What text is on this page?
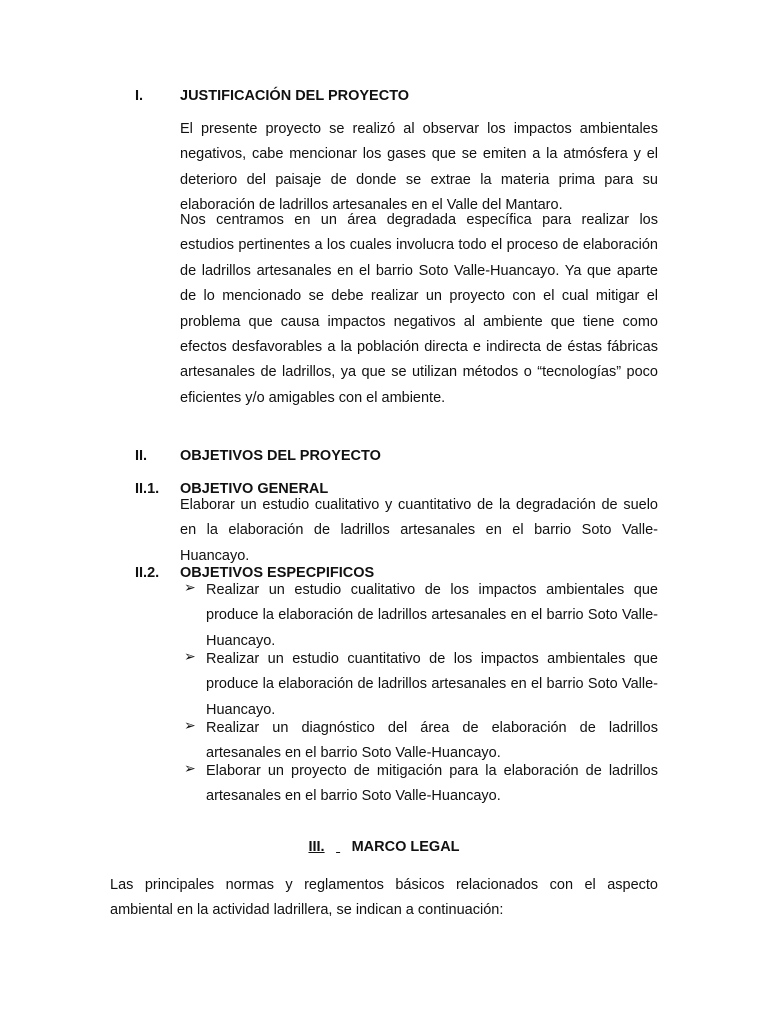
I.	JUSTIFICACIÓN DEL PROYECTO
El presente proyecto se realizó al observar los impactos ambientales negativos, cabe mencionar los gases que se emiten a la atmósfera y el deterioro del paisaje de donde se extrae la materia prima para su elaboración de ladrillos artesanales en el Valle del Mantaro.
Nos centramos en un área degradada específica para realizar los estudios pertinentes a los cuales involucra todo el proceso de elaboración de ladrillos artesanales en el barrio Soto Valle-Huancayo. Ya que aparte de lo mencionado se debe realizar un proyecto con el cual mitigar el problema que causa impactos negativos al ambiente que tiene como efectos desfavorables a la población directa e indirecta de éstas fábricas artesanales de ladrillos, ya que se utilizan métodos o “tecnologías” poco eficientes y/o amigables con el ambiente.
II. OBJETIVOS DEL PROYECTO
II.1. OBJETIVO GENERAL
Elaborar un estudio cualitativo y cuantitativo de la degradación de suelo en la elaboración de ladrillos artesanales en el barrio Soto Valle-Huancayo.
II.2. OBJETIVOS ESPECPIFICOS
➢ Realizar un estudio cualitativo de los impactos ambientales que produce la elaboración de ladrillos artesanales en el barrio Soto Valle-Huancayo.
➢ Realizar un estudio cuantitativo de los impactos ambientales que produce la elaboración de ladrillos artesanales en el barrio Soto Valle-Huancayo.
➢ Realizar un diagnóstico del área de elaboración de ladrillos artesanales en el barrio Soto Valle-Huancayo.
➢ Elaborar un proyecto de mitigación para la elaboración de ladrillos artesanales en el barrio Soto Valle-Huancayo.
III. MARCO LEGAL
Las principales normas y reglamentos básicos relacionados con el aspecto ambiental en la actividad ladrillera, se indican a continuación:
